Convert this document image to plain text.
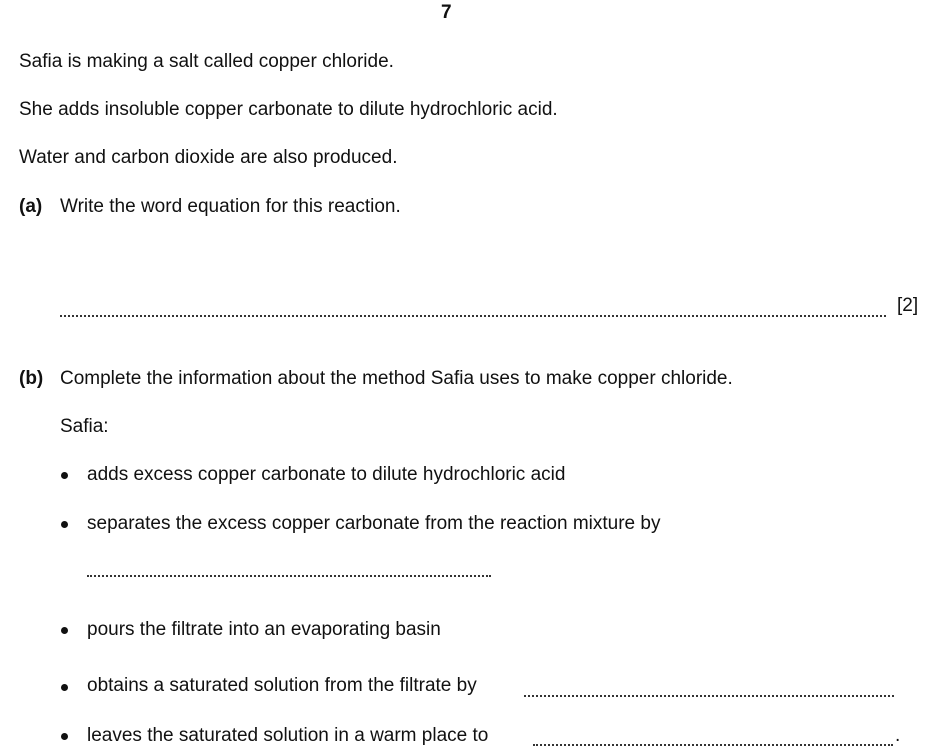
7
Safia is making a salt called copper chloride.
She adds insoluble copper carbonate to dilute hydrochloric acid.
Water and carbon dioxide are also produced.
(a) Write the word equation for this reaction.
[2]
(b) Complete the information about the method Safia uses to make copper chloride.
Safia:
adds excess copper carbonate to dilute hydrochloric acid
separates the excess copper carbonate from the reaction mixture by
pours the filtrate into an evaporating basin
obtains a saturated solution from the filtrate by
leaves the saturated solution in a warm place to	.
